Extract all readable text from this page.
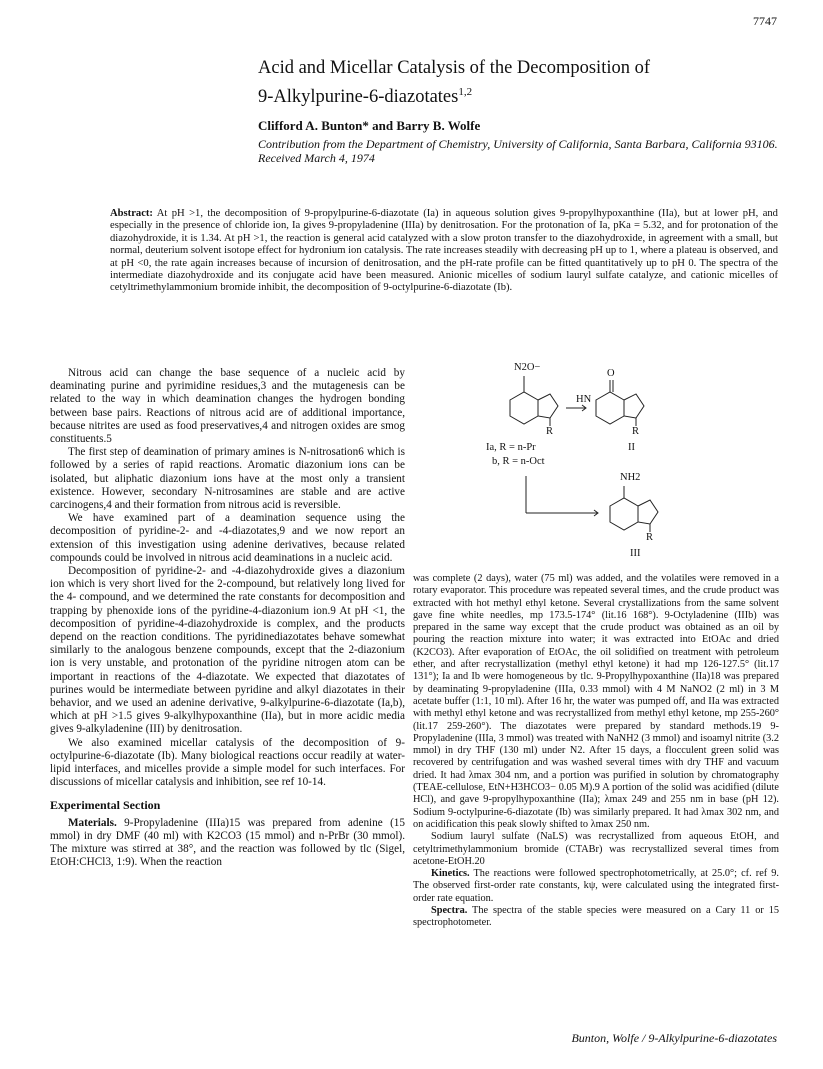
7747
Acid and Micellar Catalysis of the Decomposition of
9-Alkylpurine-6-diazotates$^{1,2}$
Clifford A. Bunton* and Barry B. Wolfe
Contribution from the Department of Chemistry, University of California, Santa Barbara, California 93106. Received March 4, 1974
Abstract: At pH >1, the decomposition of 9-propylpurine-6-diazotate (Ia) in aqueous solution gives 9-propylhypoxanthine (IIa), but at lower pH, and especially in the presence of chloride ion, Ia gives 9-propyladenine (IIIa) by denitrosation. For the protonation of Ia, pKa = 5.32, and for protonation of the diazohydroxide, it is 1.34. At pH >1, the reaction is general acid catalyzed with a slow proton transfer to the diazohydroxide, in agreement with a small, but normal, deuterium solvent isotope effect for hydronium ion catalysis. The rate increases steadily with decreasing pH up to 1, where a plateau is observed, and at pH <0, the rate again increases because of incursion of denitrosation, and the pH-rate profile can be fitted quantitatively up to pH 0. The spectra of the intermediate diazohydroxide and its conjugate acid have been measured. Anionic micelles of sodium lauryl sulfate catalyze, and cationic micelles of cetyltrimethylammonium bromide inhibit, the decomposition of 9-octylpurine-6-diazotate (Ib).

Nitrous acid can change the base sequence of a nucleic acid by deaminating purine and pyrimidine residues,3 and the mutagenesis can be related to the way in which deamination changes the hydrogen bonding between base pairs. Reactions of nitrous acid are of additional importance, because nitrites are used as food preservatives,4 and nitrogen oxides are smog constituents.5

The first step of deamination of primary amines is N-nitrosation6 which is followed by a series of rapid reactions. Aromatic diazonium ions can be isolated, but aliphatic diazonium ions have at the most only a transient existence. However, secondary N-nitrosamines are stable and are active carcinogens,4 and their formation from nitrous acid is reversible.

We have examined part of a deamination sequence using the decomposition of pyridine-2- and -4-diazotates,9 and we now report an extension of this investigation using adenine derivatives, because related compounds could be involved in nitrous acid deaminations in a nucleic acid.

Decomposition of pyridine-2- and -4-diazohydroxide gives a diazonium ion which is very short lived for the 2-compound, but relatively long lived for the 4- compound, and we determined the rate constants for decomposition and trapping by phenoxide ions of the pyridine-4-diazonium ion.9 At pH <1, the decomposition of pyridine-4-diazohydroxide is complex, and the products depend on the reaction conditions. The pyridinediazotates behave somewhat similarly to the analogous benzene compounds, except that the 2-diazonium ion is very unstable, and protonation of the pyridine nitrogen atom can be important in reactions of the 4-diazotate. We expected that diazotates of purines would be intermediate between pyridine and alkyl diazotates in their behavior, and we used an adenine derivative, 9-alkylpurine-6-diazotate (Ia,b), which at pH >1.5 gives 9-alkylhypoxanthine (IIa), but in more acidic media gives 9-alkyladenine (III) by denitrosation.

We also examined micellar catalysis of the decomposition of 9-octylpurine-6-diazotate (Ib). Many biological reactions occur readily at water-lipid interfaces, and micelles provide a simple model for such interfaces. For discussions of micellar catalysis and inhibition, see ref 10-14.

Experimental Section

Materials. 9-Propyladenine (IIIa)15 was prepared from adenine (15 mmol) in dry DMF (40 ml) with K2CO3 (15 mmol) and n-PrBr (30 mmol). The mixture was stirred at 38°, and the reaction was followed by tlc (Sigel, EtOH:CHCl3, 1:9). When the reaction

N2O−
O
HN
R	R
Ia, R = n-Pr
b, R = n-Oct
II
NH2
R
III

was complete (2 days), water (75 ml) was added, and the volatiles were removed in a rotary evaporator. This procedure was repeated several times, and the crude product was extracted with hot methyl ethyl ketone. Several crystallizations from the same solvent gave fine white needles, mp 173.5-174° (lit.16 168°). 9-Octyladenine (IIIb) was prepared in the same way except that the crude product was obtained as an oil by pouring the reaction mixture into water; it was extracted into EtOAc and dried (K2CO3). After evaporation of EtOAc, the oil solidified on treatment with petroleum ether, and after recrystallization (methyl ethyl ketone) it had mp 126-127.5° (lit.17 131°); Ia and Ib were homogeneous by tlc. 9-Propylhypoxanthine (IIa)18 was prepared by deaminating 9-propyladenine (IIIa, 0.33 mmol) with 4 M NaNO2 (2 ml) in 3 M acetate buffer (1:1, 10 ml). After 16 hr, the water was pumped off, and IIa was extracted with methyl ethyl ketone and was recrystallized from methyl ethyl ketone, mp 255-260° (lit.17 259-260°). The diazotates were prepared by standard methods.19 9-Propyladenine (IIIa, 3 mmol) was treated with NaNH2 (3 mmol) and isoamyl nitrite (3.2 mmol) in dry THF (130 ml) under N2. After 15 days, a flocculent green solid was recovered by centrifugation and was washed several times with dry THF and vacuum dried. It had λmax 304 nm, and a portion was purified in solution by chromatography (TEAE-cellulose, EtN+H3HCO3− 0.05 M).9 A portion of the solid was acidified (dilute HCl), and gave 9-propylhypoxanthine (IIa); λmax 249 and 255 nm in base (pH 12). Sodium 9-octylpurine-6-diazotate (Ib) was similarly prepared. It had λmax 302 nm, and on acidification this peak slowly shifted to λmax 250 nm.

Sodium lauryl sulfate (NaLS) was recrystallized from aqueous EtOH, and cetyltrimethylammonium bromide (CTABr) was recrystallized several times from acetone-EtOH.20

Kinetics. The reactions were followed spectrophotometrically, at 25.0°; cf. ref 9. The observed first-order rate constants, kψ, were calculated using the integrated first-order rate equation.

Spectra. The spectra of the stable species were measured on a Cary 11 or 15 spectrophotometer.

Bunton, Wolfe / 9-Alkylpurine-6-diazotates
